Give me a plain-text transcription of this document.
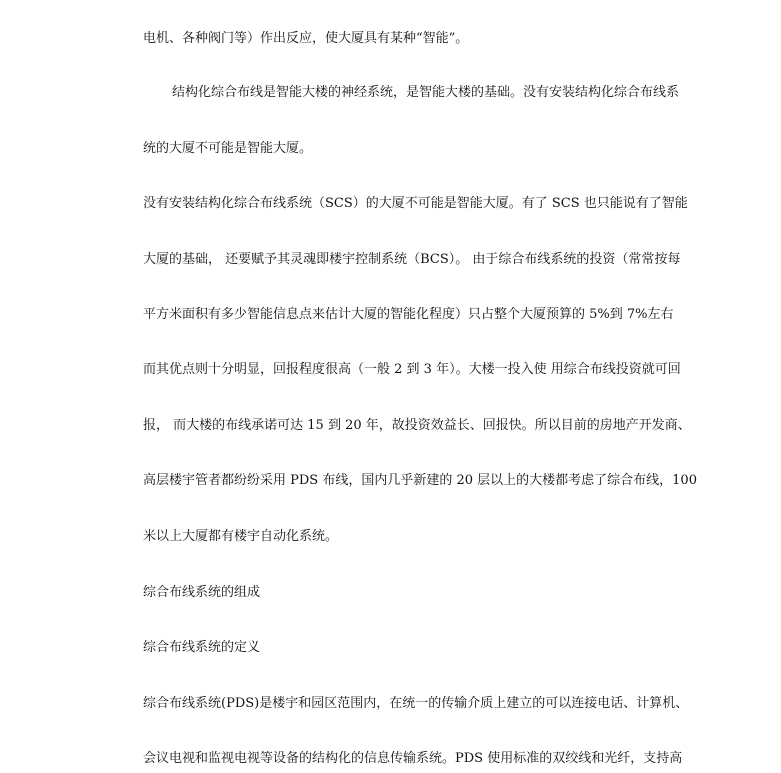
电机、各种阀门等）作出反应，使大厦具有某种“智能”。
结构化综合布线是智能大楼的神经系统，是智能大楼的基础。没有安装结构化综合布线系
统的大厦不可能是智能大厦。
没有安装结构化综合布线系统（SCS）的大厦不可能是智能大厦。有了 SCS 也只能说有了智能
大厦的基础， 还要赋予其灵魂即楼宇控制系统（BCS）。 由于综合布线系统的投资（常常按每
平方米面积有多少智能信息点来估计大厦的智能化程度）只占整个大厦预算的 5%到 7%左右
而其优点则十分明显，回报程度很高（一般 2 到 3 年）。大楼一投入使 用综合布线投资就可回
报， 而大楼的布线承诺可达 15 到 20 年，故投资效益长、回报快。所以目前的房地产开发商、
高层楼宇管者都纷纷采用 PDS 布线，国内几乎新建的 20 层以上的大楼都考虑了综合布线，100
米以上大厦都有楼宇自动化系统。
综合布线系统的组成
综合布线系统的定义
综合布线系统(PDS)是楼宇和园区范围内，在统一的传输介质上建立的可以连接电话、计算机、
会议电视和监视电视等设备的结构化的信息传输系统。PDS 使用标准的双绞线和光纤，支持高
